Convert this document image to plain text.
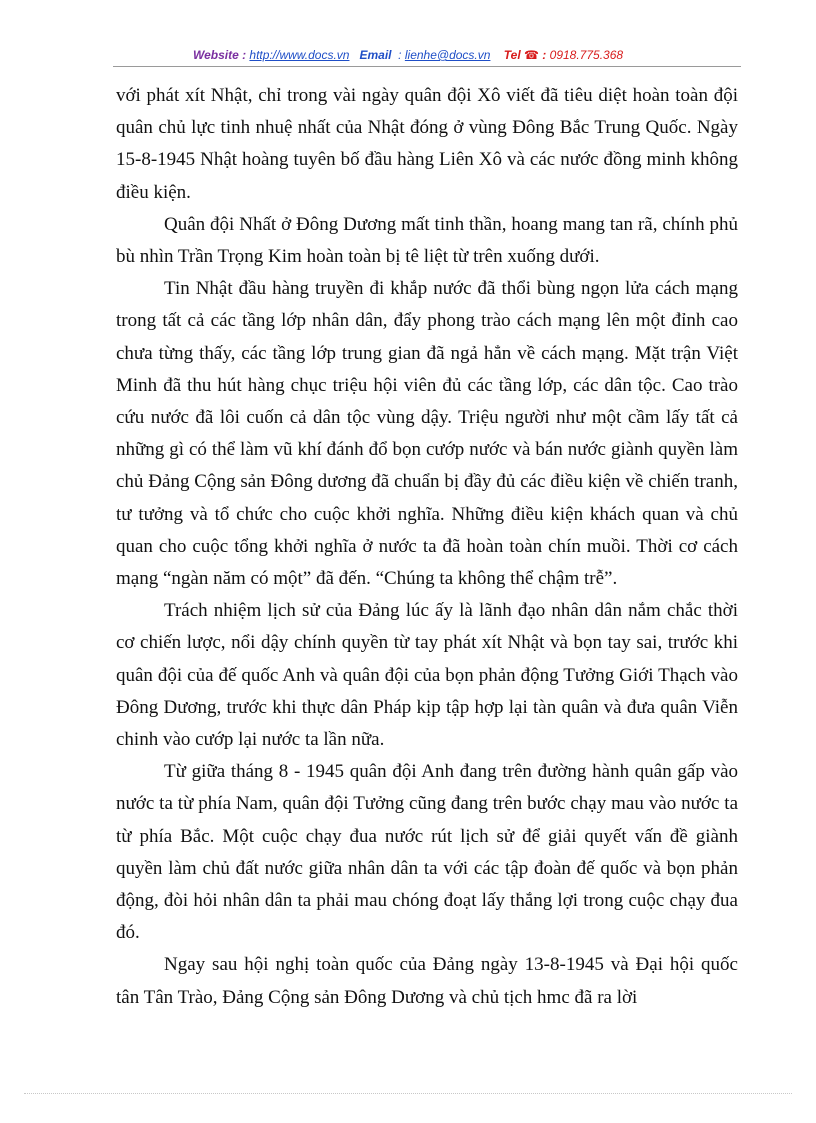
Website : http://www.docs.vn Email : lienhe@docs.vn Tel ☎ : 0918.775.368

với phát xít Nhật, chỉ trong vài ngày quân đội Xô viết đã tiêu diệt hoàn toàn đội quân chủ lực tinh nhuệ nhất của Nhật đóng ở vùng Đông Bắc Trung Quốc. Ngày 15-8-1945 Nhật hoàng tuyên bố đầu hàng Liên Xô và các nước đồng minh không điều kiện.

Quân đội Nhất ở Đông Dương mất tinh thần, hoang mang tan rã, chính phủ bù nhìn Trần Trọng Kim hoàn toàn bị tê liệt từ trên xuống dưới.

Tin Nhật đầu hàng truyền đi khắp nước đã thổi bùng ngọn lửa cách mạng trong tất cả các tầng lớp nhân dân, đẩy phong trào cách mạng lên một đỉnh cao chưa từng thấy, các tầng lớp trung gian đã ngả hẳn về cách mạng. Mặt trận Việt Minh đã thu hút hàng chục triệu hội viên đủ các tầng lớp, các dân tộc. Cao trào cứu nước đã lôi cuốn cả dân tộc vùng dậy. Triệu người như một cầm lấy tất cả những gì có thể làm vũ khí đánh đổ bọn cướp nước và bán nước giành quyền làm chủ Đảng Cộng sản Đông dương đã chuẩn bị đầy đủ các điều kiện về chiến tranh, tư tưởng và tổ chức cho cuộc khởi nghĩa. Những điều kiện khách quan và chủ quan cho cuộc tổng khởi nghĩa ở nước ta đã hoàn toàn chín muồi. Thời cơ cách mạng “ngàn năm có một” đã đến. “Chúng ta không thể chậm trễ”.

Trách nhiệm lịch sử của Đảng lúc ấy là lãnh đạo nhân dân nắm chắc thời cơ chiến lược, nổi dậy chính quyền từ tay phát xít Nhật và bọn tay sai, trước khi quân đội của đế quốc Anh và quân đội của bọn phản động Tưởng Giới Thạch vào Đông Dương, trước khi thực dân Pháp kịp tập hợp lại tàn quân và đưa quân Viễn chinh vào cướp lại nước ta lần nữa.

Từ giữa tháng 8 - 1945 quân đội Anh đang trên đường hành quân gấp vào nước ta từ phía Nam, quân đội Tưởng cũng đang trên bước chạy mau vào nước ta từ phía Bắc. Một cuộc chạy đua nước rút lịch sử để giải quyết vấn đề giành quyền làm chủ đất nước giữa nhân dân ta với các tập đoàn đế quốc và bọn phản động, đòi hỏi nhân dân ta phải mau chóng đoạt lấy thắng lợi trong cuộc chạy đua đó.

Ngay sau hội nghị toàn quốc của Đảng ngày 13-8-1945 và Đại hội quốc tân Tân Trào, Đảng Cộng sản Đông Dương và chủ tịch hmc đã ra lời
